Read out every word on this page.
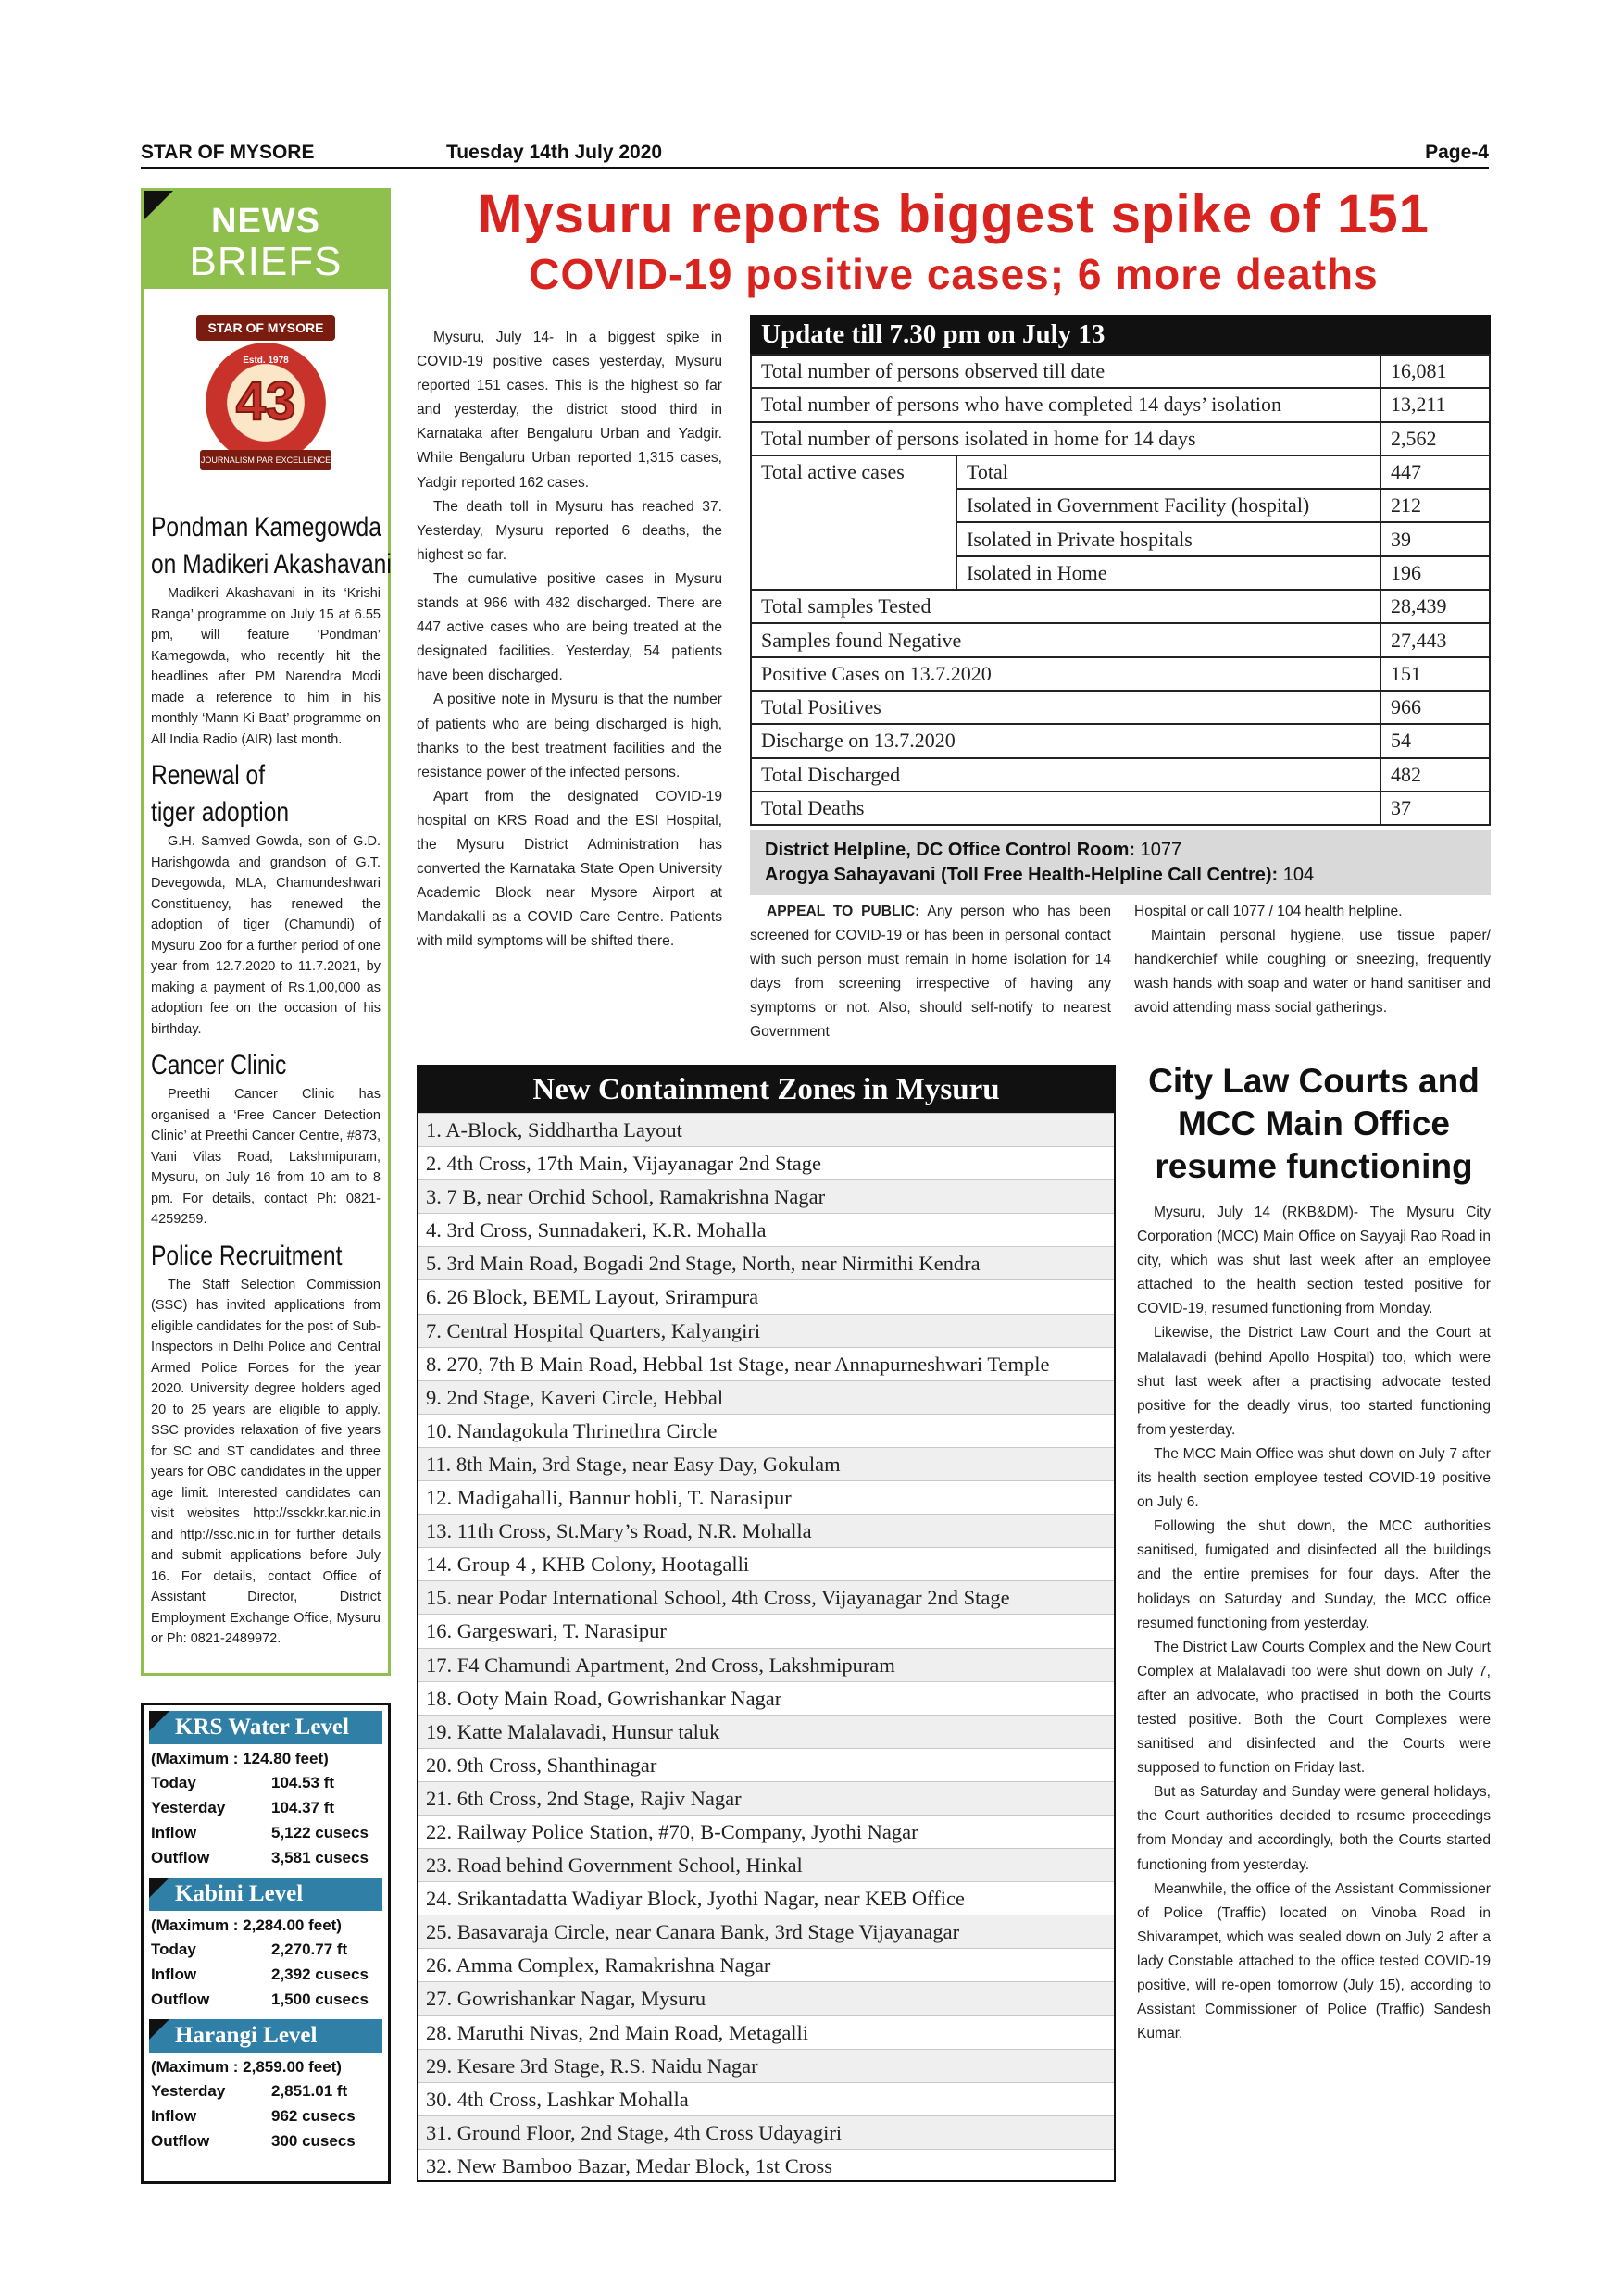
STAR OF MYSORE	Tuesday 14th July 2020	Page-4
NEWS
BRIEFS
STAR OF MYSORE
Estd. 1978
43
JOURNALISM PAR EXCELLENCE
Pondman Kamegowda
on Madikeri Akashavani

Madikeri Akashavani in its ‘Krishi Ranga’ programme on July 15 at 6.55 pm, will feature ‘Pondman’ Kamegowda, who recently hit the headlines after PM Narendra Modi made a reference to him in his monthly ‘Mann Ki Baat’ programme on All India Radio (AIR) last month.

Renewal of
tiger adoption

G.H. Samved Gowda, son of G.D. Harishgowda and grandson of G.T. Devegowda, MLA, Chamundeshwari Constituency, has renewed the adoption of tiger (Chamundi) of Mysuru Zoo for a further period of one year from 12.7.2020 to 11.7.2021, by making a payment of Rs.1,00,000 as adoption fee on the occasion of his birthday.

Cancer Clinic

Preethi Cancer Clinic has organised a ‘Free Cancer Detection Clinic’ at Preethi Cancer Centre, #873, Vani Vilas Road, Lakshmipuram, Mysuru, on July 16 from 10 am to 8 pm. For details, contact Ph: 0821-4259259.

Police Recruitment

The Staff Selection Commission (SSC) has invited applications from eligible candidates for the post of Sub-Inspectors in Delhi Police and Central Armed Police Forces for the year 2020. University degree holders aged 20 to 25 years are eligible to apply. SSC provides relaxation of five years for SC and ST candidates and three years for OBC candidates in the upper age limit. Interested candidates can visit websites http://ssckkr.kar.nic.in and http://ssc.nic.in for further details and submit applications before July 16. For details, contact Office of Assistant Director, District Employment Exchange Office, Mysuru or Ph: 0821-2489972.

KRS Water Level
(Maximum : 124.80 feet)
Today	104.53 ft
Yesterday	104.37 ft
Inflow	5,122 cusecs
Outflow	3,581 cusecs
Kabini Level
(Maximum : 2,284.00 feet)
Today	2,270.77 ft
Inflow	2,392 cusecs
Outflow	1,500 cusecs
Harangi Level
(Maximum : 2,859.00 feet)
Yesterday	2,851.01 ft
Inflow	962 cusecs
Outflow	300 cusecs
Mysuru reports biggest spike of 151
COVID-19 positive cases; 6 more deaths

Mysuru, July 14- In a biggest spike in COVID-19 positive cases yesterday, Mysuru reported 151 cases. This is the highest so far and yesterday, the district stood third in Karnataka after Bengaluru Urban and Yadgir. While Bengaluru Urban reported 1,315 cases, Yadgir reported 162 cases.

The death toll in Mysuru has reached 37. Yesterday, Mysuru reported 6 deaths, the highest so far.

The cumulative positive cases in Mysuru stands at 966 with 482 discharged. There are 447 active cases who are being treated at the designated facilities. Yesterday, 54 patients have been discharged.

A positive note in Mysuru is that the number of patients who are being discharged is high, thanks to the best treatment facilities and the resistance power of the infected persons.

Apart from the designated COVID-19 hospital on KRS Road and the ESI Hospital, the Mysuru District Administration has converted the Karnataka State Open University Academic Block near Mysore Airport at Mandakalli as a COVID Care Centre. Patients with mild symptoms will be shifted there.

Update till 7.30 pm on July 13
Total number of persons observed till date		16,081
Total number of persons who have completed 14 days’ isolation		13,211
Total number of persons isolated in home for 14 days		2,562
Total active cases	Total	447
	Isolated in Government Facility (hospital)	212
	Isolated in Private hospitals	39
	Isolated in Home	196
Total samples Tested		28,439
Samples found Negative		27,443
Positive Cases on 13.7.2020		151
Total Positives		966
Discharge on 13.7.2020		54
Total Discharged		482
Total Deaths		37
District Helpline, DC Office Control Room: 1077
Arogya Sahayavani (Toll Free Health-Helpline Call Centre): 104
APPEAL TO PUBLIC: Any person who has been screened for COVID-19 or has been in personal contact with such person must remain in home isolation for 14 days from screening irrespective of having any symptoms or not. Also, should self-notify to nearest Government
Hospital or call 1077 / 104 health helpline.

Maintain personal hygiene, use tissue paper/ handkerchief while coughing or sneezing, frequently wash hands with soap and water or hand sanitiser and avoid attending mass social gatherings.

New Containment Zones in Mysuru
1. A-Block, Siddhartha Layout
2. 4th Cross, 17th Main, Vijayanagar 2nd Stage
3. 7 B, near Orchid School, Ramakrishna Nagar
4. 3rd Cross, Sunnadakeri, K.R. Mohalla
5. 3rd Main Road, Bogadi 2nd Stage, North, near Nirmithi Kendra
6. 26 Block, BEML Layout, Srirampura
7. Central Hospital Quarters, Kalyangiri
8. 270, 7th B Main Road, Hebbal 1st Stage, near Annapurneshwari Temple
9. 2nd Stage, Kaveri Circle, Hebbal
10. Nandagokula Thrinethra Circle
11. 8th Main, 3rd Stage, near Easy Day, Gokulam
12. Madigahalli, Bannur hobli, T. Narasipur
13. 11th Cross, St.Mary’s Road, N.R. Mohalla
14. Group 4 , KHB Colony, Hootagalli
15. near Podar International School, 4th Cross, Vijayanagar 2nd Stage
16. Gargeswari, T. Narasipur
17. F4 Chamundi Apartment, 2nd Cross, Lakshmipuram
18. Ooty Main Road, Gowrishankar Nagar
19. Katte Malalavadi, Hunsur taluk
20. 9th Cross, Shanthinagar
21. 6th Cross, 2nd Stage, Rajiv Nagar
22. Railway Police Station, #70, B-Company, Jyothi Nagar
23. Road behind Government School, Hinkal
24. Srikantadatta Wadiyar Block, Jyothi Nagar, near KEB Office
25. Basavaraja Circle, near Canara Bank, 3rd Stage Vijayanagar
26. Amma Complex, Ramakrishna Nagar
27. Gowrishankar Nagar, Mysuru
28. Maruthi Nivas, 2nd Main Road, Metagalli
29. Kesare 3rd Stage, R.S. Naidu Nagar
30. 4th Cross, Lashkar Mohalla
31. Ground Floor, 2nd Stage, 4th Cross Udayagiri
32. New Bamboo Bazar, Medar Block, 1st Cross
City Law Courts and
MCC Main Office
resume functioning

Mysuru, July 14 (RKB&DM)- The Mysuru City Corporation (MCC) Main Office on Sayyaji Rao Road in city, which was shut last week after an employee attached to the health section tested positive for COVID-19, resumed functioning from Monday.

Likewise, the District Law Court and the Court at Malalavadi (behind Apollo Hospital) too, which were shut last week after a practising advocate tested positive for the deadly virus, too started functioning from yesterday.

The MCC Main Office was shut down on July 7 after its health section employee tested COVID-19 positive on July 6.

Following the shut down, the MCC authorities sanitised, fumigated and disinfected all the buildings and the entire premises for four days. After the holidays on Saturday and Sunday, the MCC office resumed functioning from yesterday.

The District Law Courts Complex and the New Court Complex at Malalavadi too were shut down on July 7, after an advocate, who practised in both the Courts tested positive. Both the Court Complexes were sanitised and disinfected and the Courts were supposed to function on Friday last.

But as Saturday and Sunday were general holidays, the Court authorities decided to resume proceedings from Monday and accordingly, both the Courts started functioning from yesterday.

Meanwhile, the office of the Assistant Commissioner of Police (Traffic) located on Vinoba Road in Shivarampet, which was sealed down on July 2 after a lady Constable attached to the office tested COVID-19 positive, will re-open tomorrow (July 15), according to Assistant Commissioner of Police (Traffic) Sandesh Kumar.
